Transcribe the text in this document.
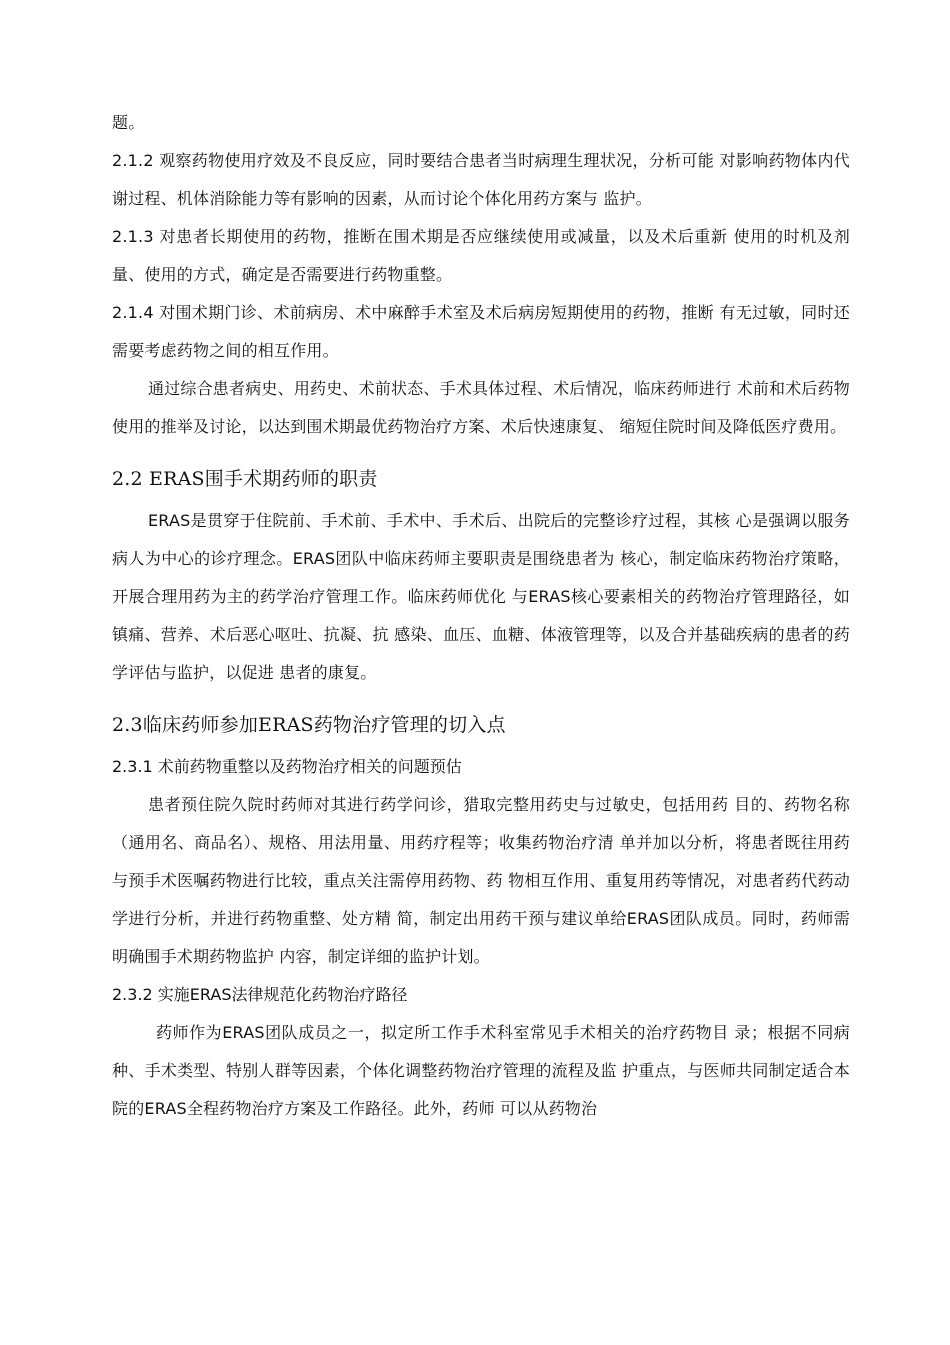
题。

2.1.2 观察药物使用疗效及不良反应，同时要结合患者当时病理生理状况，分析可能 对影响药物体内代谢过程、机体消除能力等有影响的因素，从而讨论个体化用药方案与 监护。

2.1.3 对患者长期使用的药物，推断在围术期是否应继续使用或减量，以及术后重新 使用的时机及剂量、使用的方式，确定是否需要进行药物重整。

2.1.4 对围术期门诊、术前病房、术中麻醉手术室及术后病房短期使用的药物，推断 有无过敏，同时还需要考虑药物之间的相互作用。

通过综合患者病史、用药史、术前状态、手术具体过程、术后情况，临床药师进行 术前和术后药物使用的推举及讨论，以达到围术期最优药物治疗方案、术后快速康复、 缩短住院时间及降低医疗费用。

2.2 ERAS围手术期药师的职责

ERAS是贯穿于住院前、手术前、手术中、手术后、出院后的完整诊疗过程，其核 心是强调以服务病人为中心的诊疗理念。ERAS团队中临床药师主要职责是围绕患者为 核心，制定临床药物治疗策略，开展合理用药为主的药学治疗管理工作。临床药师优化 与ERAS核心要素相关的药物治疗管理路径，如镇痛、营养、术后恶心呕吐、抗凝、抗 感染、血压、血糖、体液管理等，以及合并基础疾病的患者的药学评估与监护，以促进 患者的康复。

2.3临床药师参加ERAS药物治疗管理的切入点

2.3.1 术前药物重整以及药物治疗相关的问题预估

患者预住院久院时药师对其进行药学问诊，猎取完整用药史与过敏史，包括用药 目的、药物名称（通用名、商品名）、规格、用法用量、用药疗程等；收集药物治疗清 单并加以分析，将患者既往用药与预手术医嘱药物进行比较，重点关注需停用药物、药 物相互作用、重复用药等情况，对患者药代药动学进行分析，并进行药物重整、处方精 简，制定出用药干预与建议单给ERAS团队成员。同时，药师需明确围手术期药物监护 内容，制定详细的监护计划。

2.3.2 实施ERAS法律规范化药物治疗路径

药师作为ERAS团队成员之一，拟定所工作手术科室常见手术相关的治疗药物目 录；根据不同病种、手术类型、特别人群等因素，个体化调整药物治疗管理的流程及监 护重点，与医师共同制定适合本院的ERAS全程药物治疗方案及工作路径。此外，药师 可以从药物治
